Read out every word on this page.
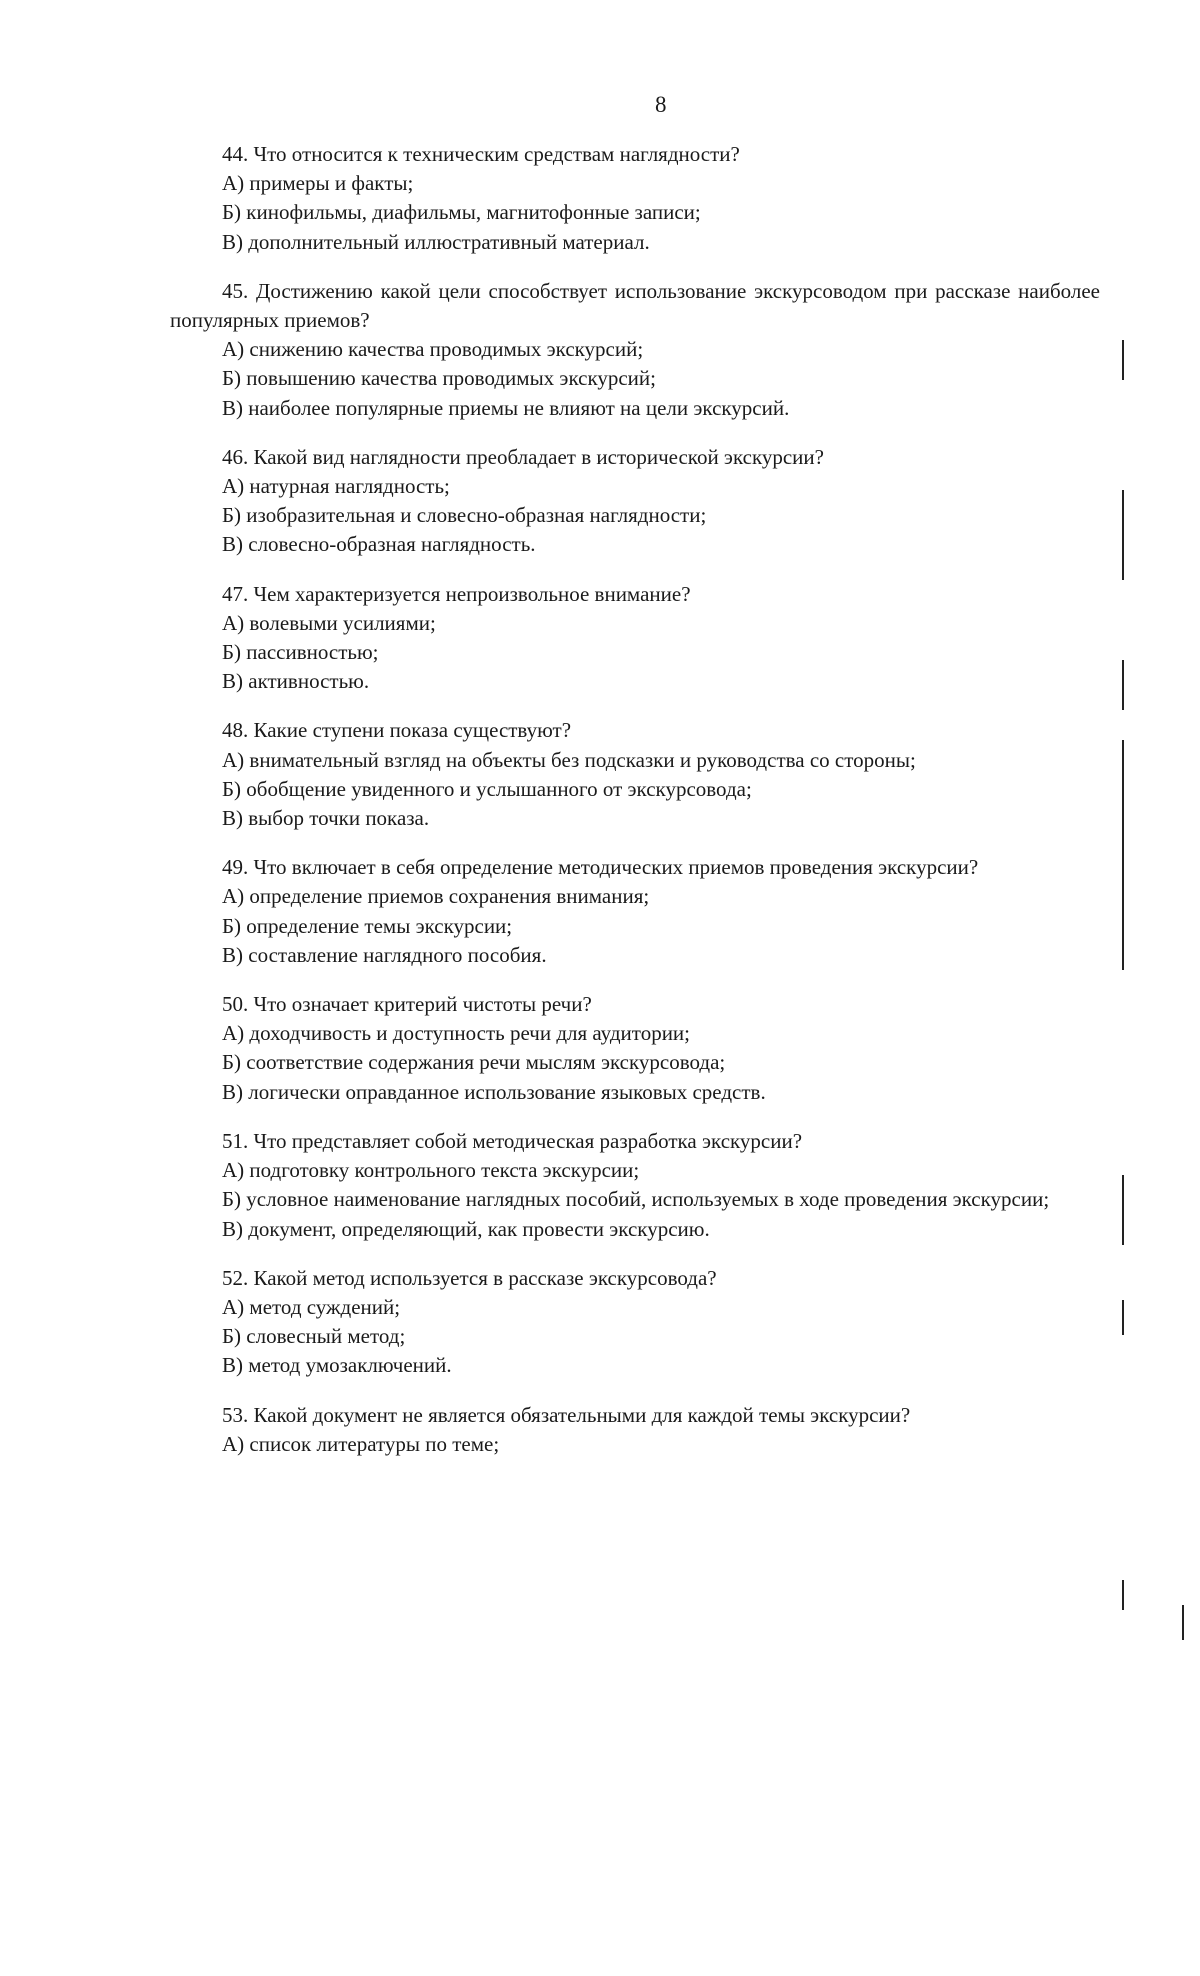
8
44. Что относится к техническим средствам наглядности?
А) примеры и факты;
Б) кинофильмы, диафильмы, магнитофонные записи;
В) дополнительный иллюстративный материал.
45. Достижению какой цели способствует использование экскурсоводом при рассказе наиболее популярных приемов?
А) снижению качества проводимых экскурсий;
Б) повышению качества проводимых экскурсий;
В) наиболее популярные приемы не влияют на цели экскурсий.
46. Какой вид наглядности преобладает в исторической экскурсии?
А) натурная наглядность;
Б) изобразительная и словесно-образная наглядности;
В) словесно-образная наглядность.
47. Чем характеризуется непроизвольное внимание?
А) волевыми усилиями;
Б) пассивностью;
В) активностью.
48. Какие ступени показа существуют?
А) внимательный взгляд на объекты без подсказки и руководства со стороны;
Б) обобщение увиденного и услышанного от экскурсовода;
В) выбор точки показа.
49. Что включает в себя определение методических приемов проведения экскурсии?
А) определение приемов сохранения внимания;
Б) определение темы экскурсии;
В) составление наглядного пособия.
50. Что означает критерий чистоты речи?
А) доходчивость и доступность речи для аудитории;
Б) соответствие содержания речи мыслям экскурсовода;
В) логически оправданное использование языковых средств.
51. Что представляет собой методическая разработка экскурсии?
А) подготовку контрольного текста экскурсии;
Б) условное наименование наглядных пособий, используемых в ходе проведения экскурсии;
В) документ, определяющий, как провести экскурсию.
52. Какой метод используется в рассказе экскурсовода?
А) метод суждений;
Б) словесный метод;
В) метод умозаключений.
53. Какой документ не является обязательными для каждой темы экскурсии?
А) список литературы по теме;
